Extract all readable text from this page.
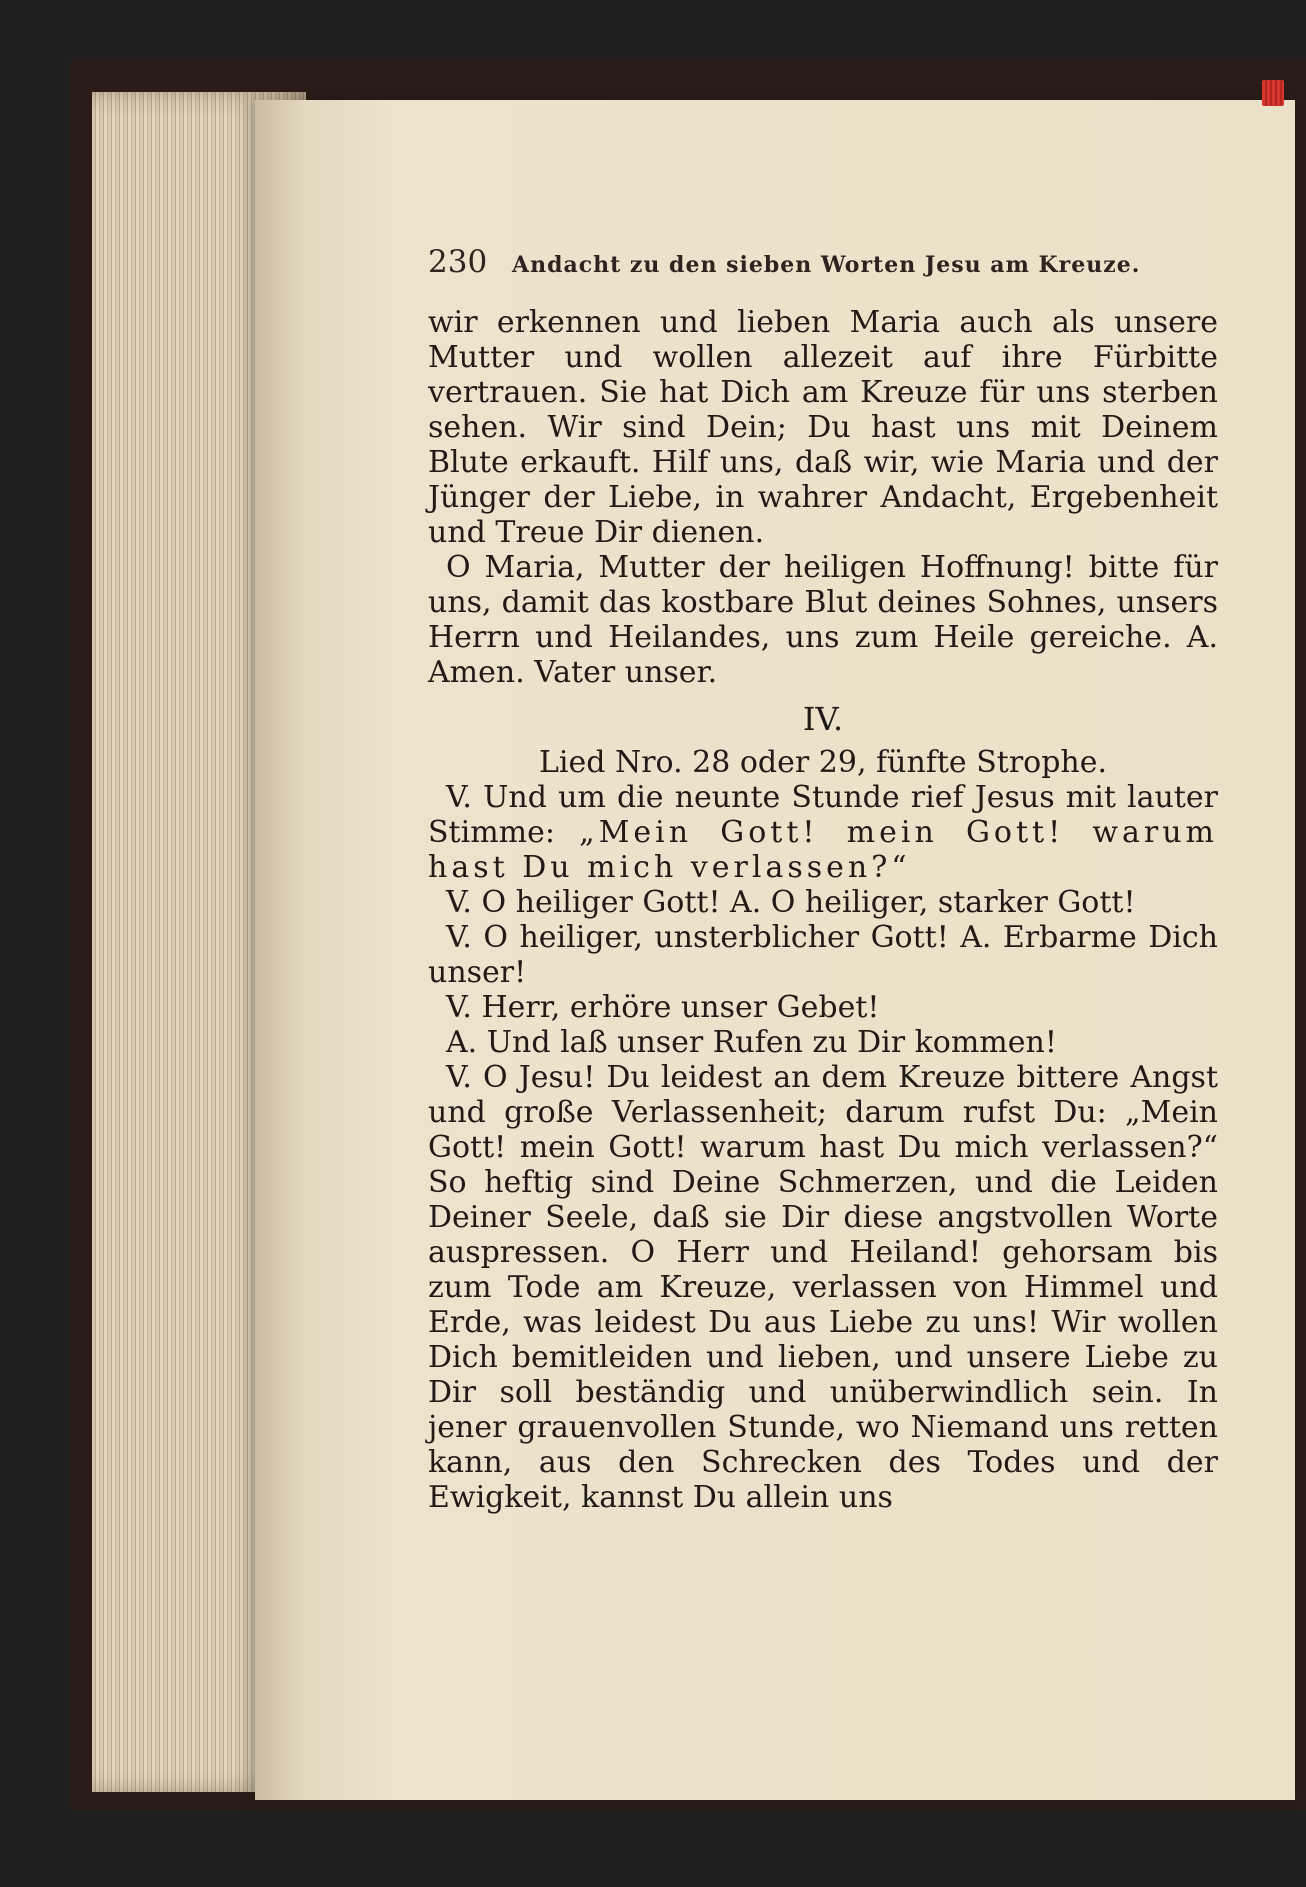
230 Andacht zu den sieben Worten Jesu am Kreuze.

wir erkennen und lieben Maria auch als unsere Mutter und wollen allezeit auf ihre Fürbitte vertrauen. Sie hat Dich am Kreuze für uns sterben sehen. Wir sind Dein; Du hast uns mit Deinem Blute erkauft. Hilf uns, daß wir, wie Maria und der Jünger der Liebe, in wahrer Andacht, Ergebenheit und Treue Dir dienen.

O Maria, Mutter der heiligen Hoffnung! bitte für uns, damit das kostbare Blut deines Sohnes, unsers Herrn und Heilandes, uns zum Heile gereiche. A. Amen. Vater unser.

IV.

Lied Nro. 28 oder 29, fünfte Strophe.

V. Und um die neunte Stunde rief Jesus mit lauter Stimme: „Mein Gott! mein Gott! warum hast Du mich verlassen?“

V. O heiliger Gott! A. O heiliger, starker Gott!

V. O heiliger, unsterblicher Gott! A. Erbarme Dich unser!

V. Herr, erhöre unser Gebet!

A. Und laß unser Rufen zu Dir kommen!

V. O Jesu! Du leidest an dem Kreuze bittere Angst und große Verlassenheit; darum rufst Du: „Mein Gott! mein Gott! warum hast Du mich verlassen?“ So heftig sind Deine Schmerzen, und die Leiden Deiner Seele, daß sie Dir diese angstvollen Worte auspressen. O Herr und Heiland! gehorsam bis zum Tode am Kreuze, verlassen von Himmel und Erde, was leidest Du aus Liebe zu uns! Wir wollen Dich bemitleiden und lieben, und unsere Liebe zu Dir soll beständig und unüberwindlich sein. In jener grauenvollen Stunde, wo Niemand uns retten kann, aus den Schrecken des Todes und der Ewigkeit, kannst Du allein uns
